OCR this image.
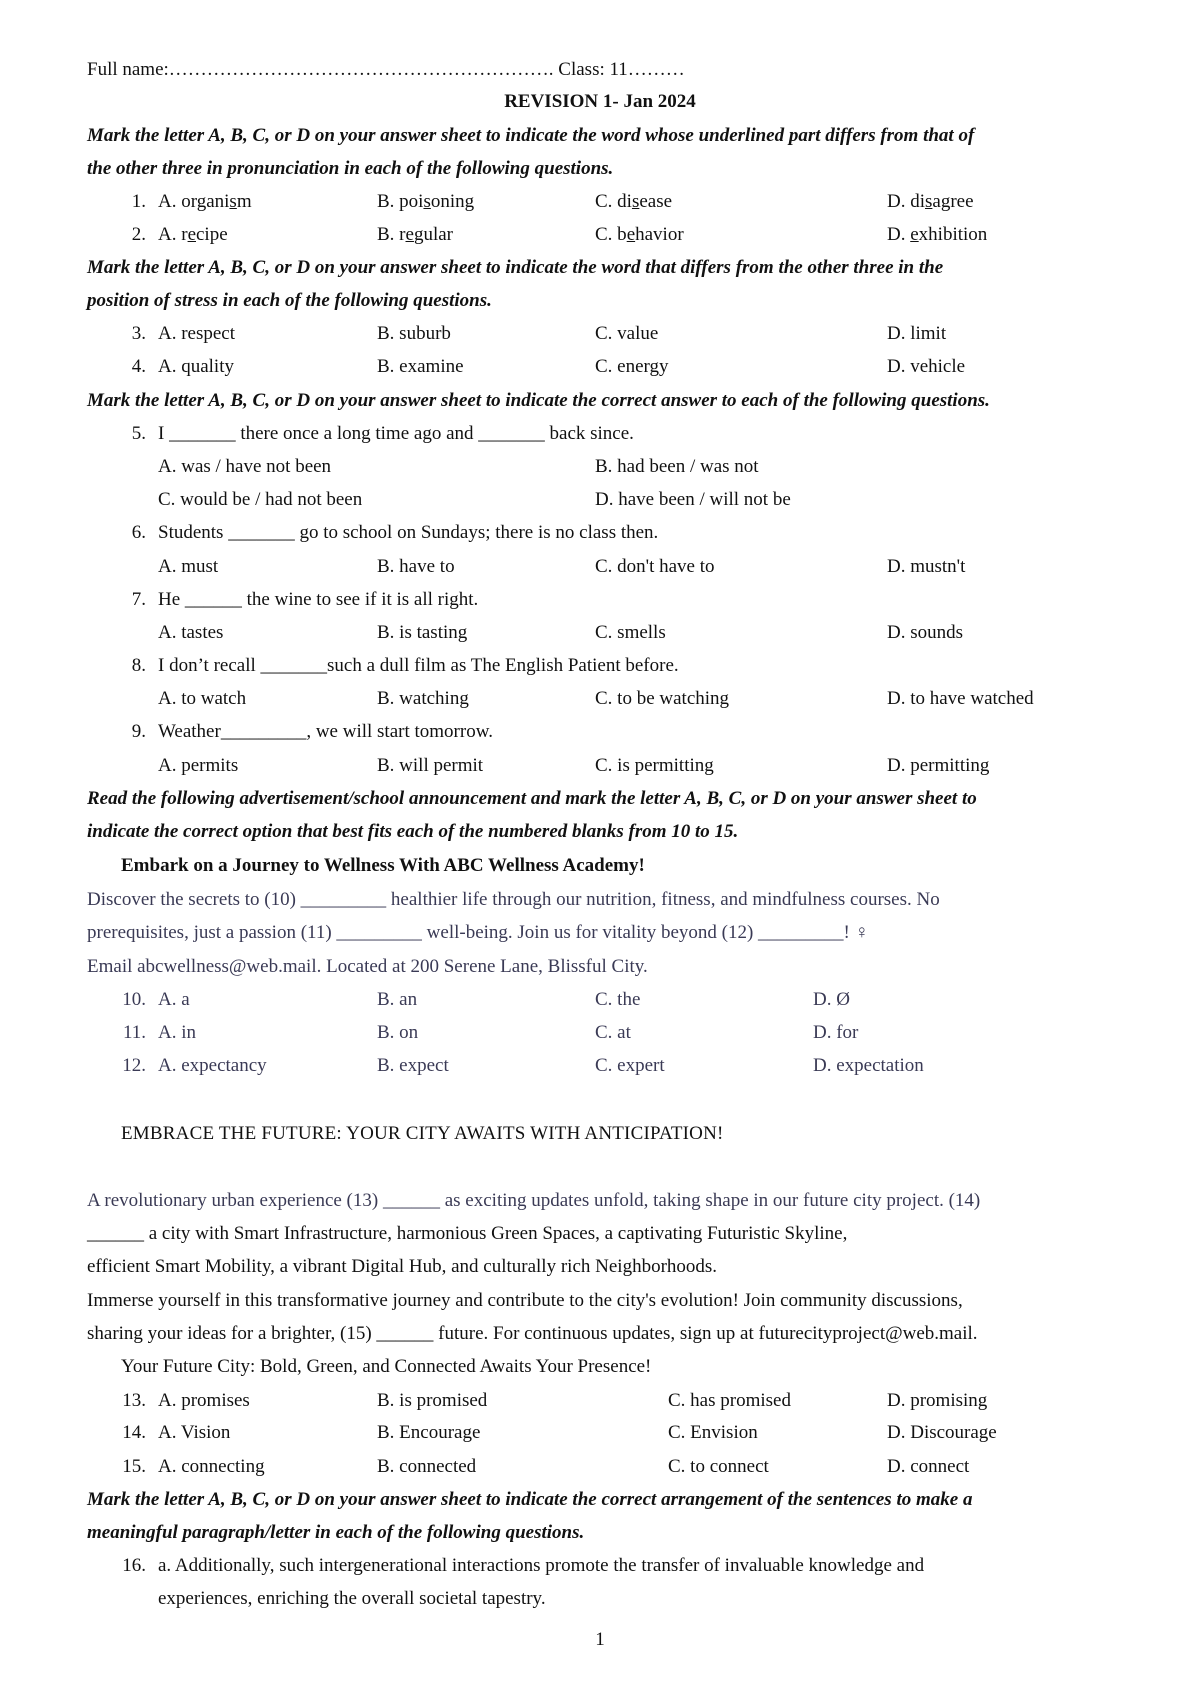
Full name:……………………………………………………. Class: 11………
REVISION 1- Jan 2024
Mark the letter A, B, C, or D on your answer sheet to indicate the word whose underlined part differs from that of
the other three in pronunciation in each of the following questions.
1. A. organism	B. poisoning	C. disease	D. disagree
2. A. recipe	B. regular	C. behavior	D. exhibition
Mark the letter A, B, C, or D on your answer sheet to indicate the word that differs from the other three in the
position of stress in each of the following questions.
3. A. respect	B. suburb	C. value	D. limit
4. A. quality	B. examine	C. energy	D. vehicle
Mark the letter A, B, C, or D on your answer sheet to indicate the correct answer to each of the following questions.
5. I _______ there once a long time ago and _______ back since.
A. was / have not been	B. had been / was not
C. would be / had not been	D. have been / will not be
6. Students _______ go to school on Sundays; there is no class then.
A. must	B. have to	C. don't have to	D. mustn't
7. He ______ the wine to see if it is all right.
A. tastes	B. is tasting	C. smells	D. sounds
8. I don’t recall _______such a dull film as The English Patient before.
A. to watch	B. watching	C. to be watching	D. to have watched
9. Weather_________, we will start tomorrow.
A. permits	B. will permit	C. is permitting	D. permitting
Read the following advertisement/school announcement and mark the letter A, B, C, or D on your answer sheet to
indicate the correct option that best fits each of the numbered blanks from 10 to 15.
Embark on a Journey to Wellness With ABC Wellness Academy!
Discover the secrets to (10) _________ healthier life through our nutrition, fitness, and mindfulness courses. No
prerequisites, just a passion (11) _________ well-being. Join us for vitality beyond (12) _________! ♀
Email abcwellness@web.mail. Located at 200 Serene Lane, Blissful City.
10. A. a	B. an	C. the	D. Ø
11. A. in	B. on	C. at	D. for
12. A. expectancy	B. expect	C. expert	D. expectation
EMBRACE THE FUTURE: YOUR CITY AWAITS WITH ANTICIPATION!
A revolutionary urban experience (13) ______ as exciting updates unfold, taking shape in our future city project. (14)
______ a city with Smart Infrastructure, harmonious Green Spaces, a captivating Futuristic Skyline,
efficient Smart Mobility, a vibrant Digital Hub, and culturally rich Neighborhoods.
Immerse yourself in this transformative journey and contribute to the city's evolution! Join community discussions,
sharing your ideas for a brighter, (15) ______ future. For continuous updates, sign up at futurecityproject@web.mail.
Your Future City: Bold, Green, and Connected Awaits Your Presence!
13. A. promises	B. is promised	C. has promised	D. promising
14. A. Vision	B. Encourage	C. Envision	D. Discourage
15. A. connecting	B. connected	C. to connect	D. connect
Mark the letter A, B, C, or D on your answer sheet to indicate the correct arrangement of the sentences to make a
meaningful paragraph/letter in each of the following questions.
16. a. Additionally, such intergenerational interactions promote the transfer of invaluable knowledge and
experiences, enriching the overall societal tapestry.
1
